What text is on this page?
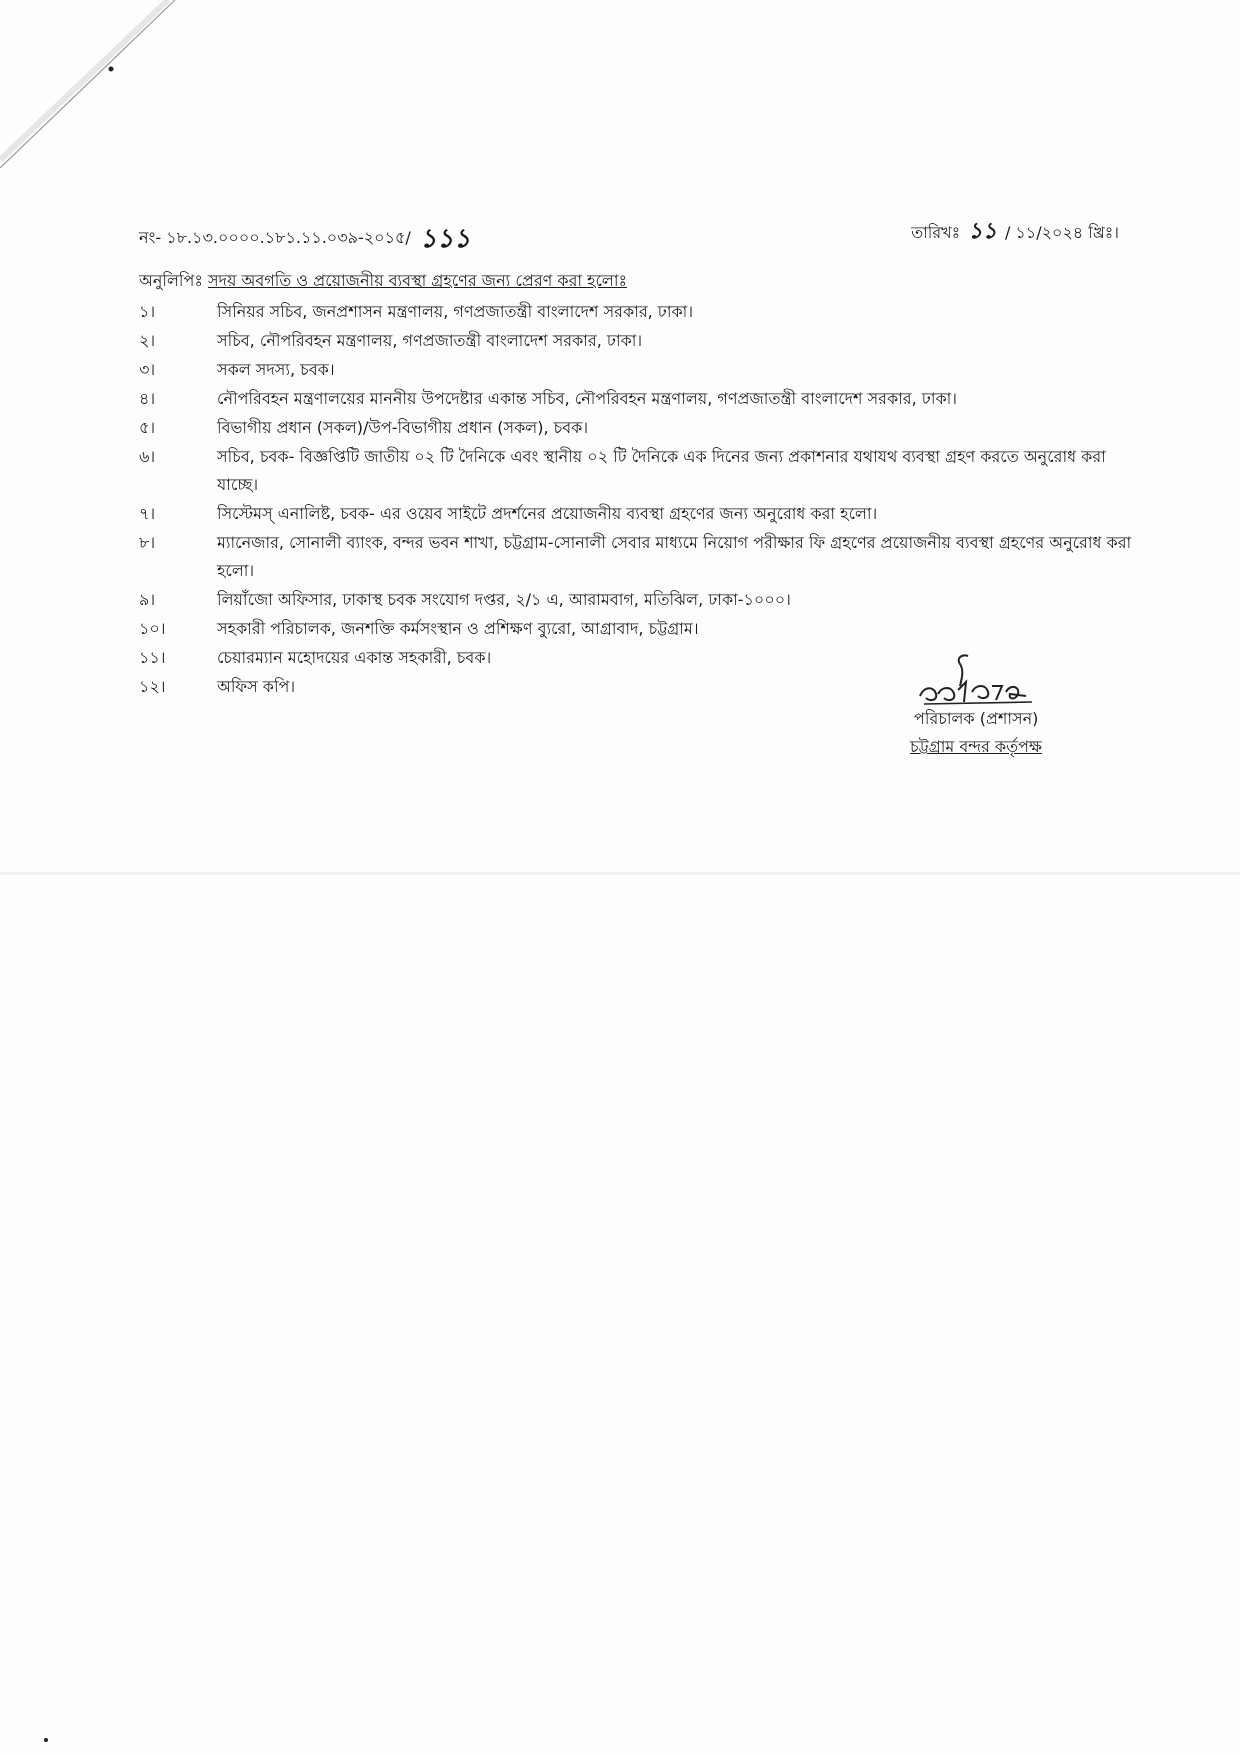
নং- ১৮.১৩.০০০০.১৮১.১১.০৩৯-২০১৫/ ১১১	তারিখঃ ১১ / ১১/২০২৪ খ্রিঃ।
অনুলিপিঃ সদয় অবগতি ও প্রয়োজনীয় ব্যবস্থা গ্রহণের জন্য প্রেরণ করা হলোঃ
১।	সিনিয়র সচিব, জনপ্রশাসন মন্ত্রণালয়, গণপ্রজাতন্ত্রী বাংলাদেশ সরকার, ঢাকা।
২।	সচিব, নৌপরিবহন মন্ত্রণালয়, গণপ্রজাতন্ত্রী বাংলাদেশ সরকার, ঢাকা।
৩।	সকল সদস্য, চবক।
৪।	নৌপরিবহন মন্ত্রণালয়ের মাননীয় উপদেষ্টার একান্ত সচিব, নৌপরিবহন মন্ত্রণালয়, গণপ্রজাতন্ত্রী বাংলাদেশ সরকার, ঢাকা।
৫।	বিভাগীয় প্রধান (সকল)/উপ-বিভাগীয় প্রধান (সকল), চবক।
৬।	সচিব, চবক- বিজ্ঞপ্তিটি জাতীয় ০২ টি দৈনিকে এবং স্থানীয় ০২ টি দৈনিকে এক দিনের জন্য প্রকাশনার যথাযথ ব্যবস্থা গ্রহণ করতে অনুরোধ করা যাচ্ছে।
৭।	সিস্টেমস্ এনালিষ্ট, চবক- এর ওয়েব সাইটে প্রদর্শনের প্রয়োজনীয় ব্যবস্থা গ্রহণের জন্য অনুরোধ করা হলো।
৮।	ম্যানেজার, সোনালী ব্যাংক, বন্দর ভবন শাখা, চট্টগ্রাম-সোনালী সেবার মাধ্যমে নিয়োগ পরীক্ষার ফি গ্রহণের প্রয়োজনীয় ব্যবস্থা গ্রহণের অনুরোধ করা হলো।
৯।	লিয়াঁজো অফিসার, ঢাকাস্থ চবক সংযোগ দপ্তর, ২/১ এ, আরামবাগ, মতিঝিল, ঢাকা-১০০০।
১০।	সহকারী পরিচালক, জনশক্তি কর্মসংস্থান ও প্রশিক্ষণ ব্যুরো, আগ্রাবাদ, চট্টগ্রাম।
১১।	চেয়ারম্যান মহোদয়ের একান্ত সহকারী, চবক।
১২।	অফিস কপি।
পরিচালক (প্রশাসন)
চট্টগ্রাম বন্দর কর্তৃপক্ষ
